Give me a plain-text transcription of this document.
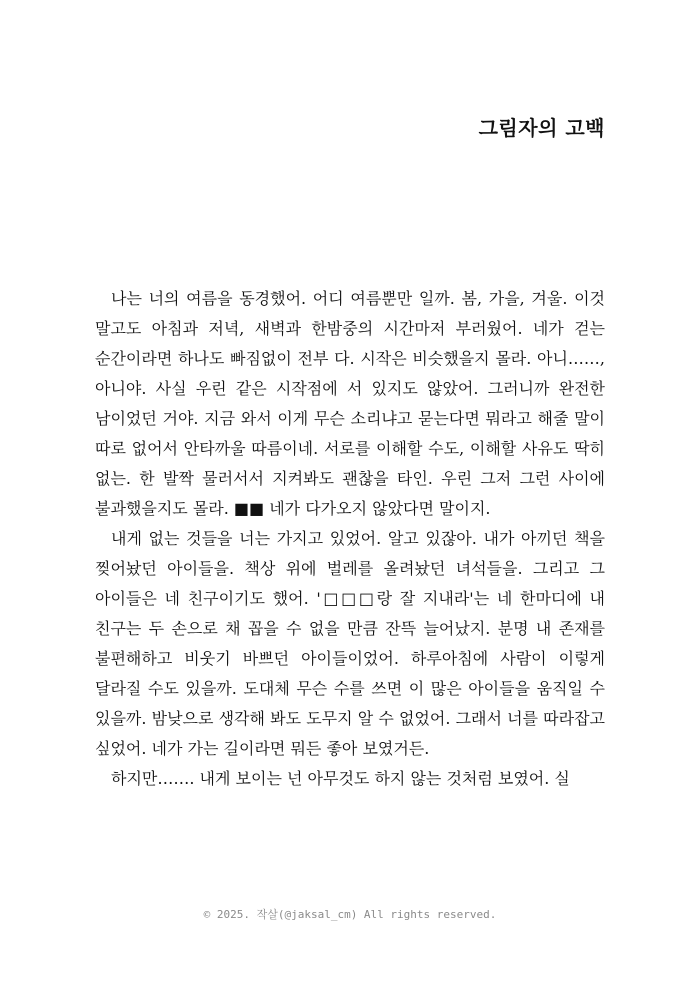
그림자의 고백

나는 너의 여름을 동경했어. 어디 여름뿐만 일까. 봄, 가을, 겨울. 이것 말고도 아침과 저녁, 새벽과 한밤중의 시간마저 부러웠어. 네가 걷는 순간이라면 하나도 빠짐없이 전부 다. 시작은 비슷했을지 몰라. 아니……, 아니야. 사실 우린 같은 시작점에 서 있지도 않았어. 그러니까 완전한 남이었던 거야. 지금 와서 이게 무슨 소리냐고 묻는다면 뭐라고 해줄 말이 따로 없어서 안타까울 따름이네. 서로를 이해할 수도, 이해할 사유도 딱히 없는. 한 발짝 물러서서 지켜봐도 괜찮을 타인. 우린 그저 그런 사이에 불과했을지도 몰라. ■■ 네가 다가오지 않았다면 말이지.

내게 없는 것들을 너는 가지고 있었어. 알고 있잖아. 내가 아끼던 책을 찢어놨던 아이들을. 책상 위에 벌레를 올려놨던 녀석들을. 그리고 그 아이들은 네 친구이기도 했어. '□□□랑 잘 지내라'는 네 한마디에 내 친구는 두 손으로 채 꼽을 수 없을 만큼 잔뜩 늘어났지. 분명 내 존재를 불편해하고 비웃기 바쁘던 아이들이었어. 하루아침에 사람이 이렇게 달라질 수도 있을까. 도대체 무슨 수를 쓰면 이 많은 아이들을 움직일 수 있을까. 밤낮으로 생각해 봐도 도무지 알 수 없었어. 그래서 너를 따라잡고 싶었어. 네가 가는 길이라면 뭐든 좋아 보였거든.

하지만……. 내게 보이는 넌 아무것도 하지 않는 것처럼 보였어. 실

© 2025. 작살(@jaksal_cm) All rights reserved.
